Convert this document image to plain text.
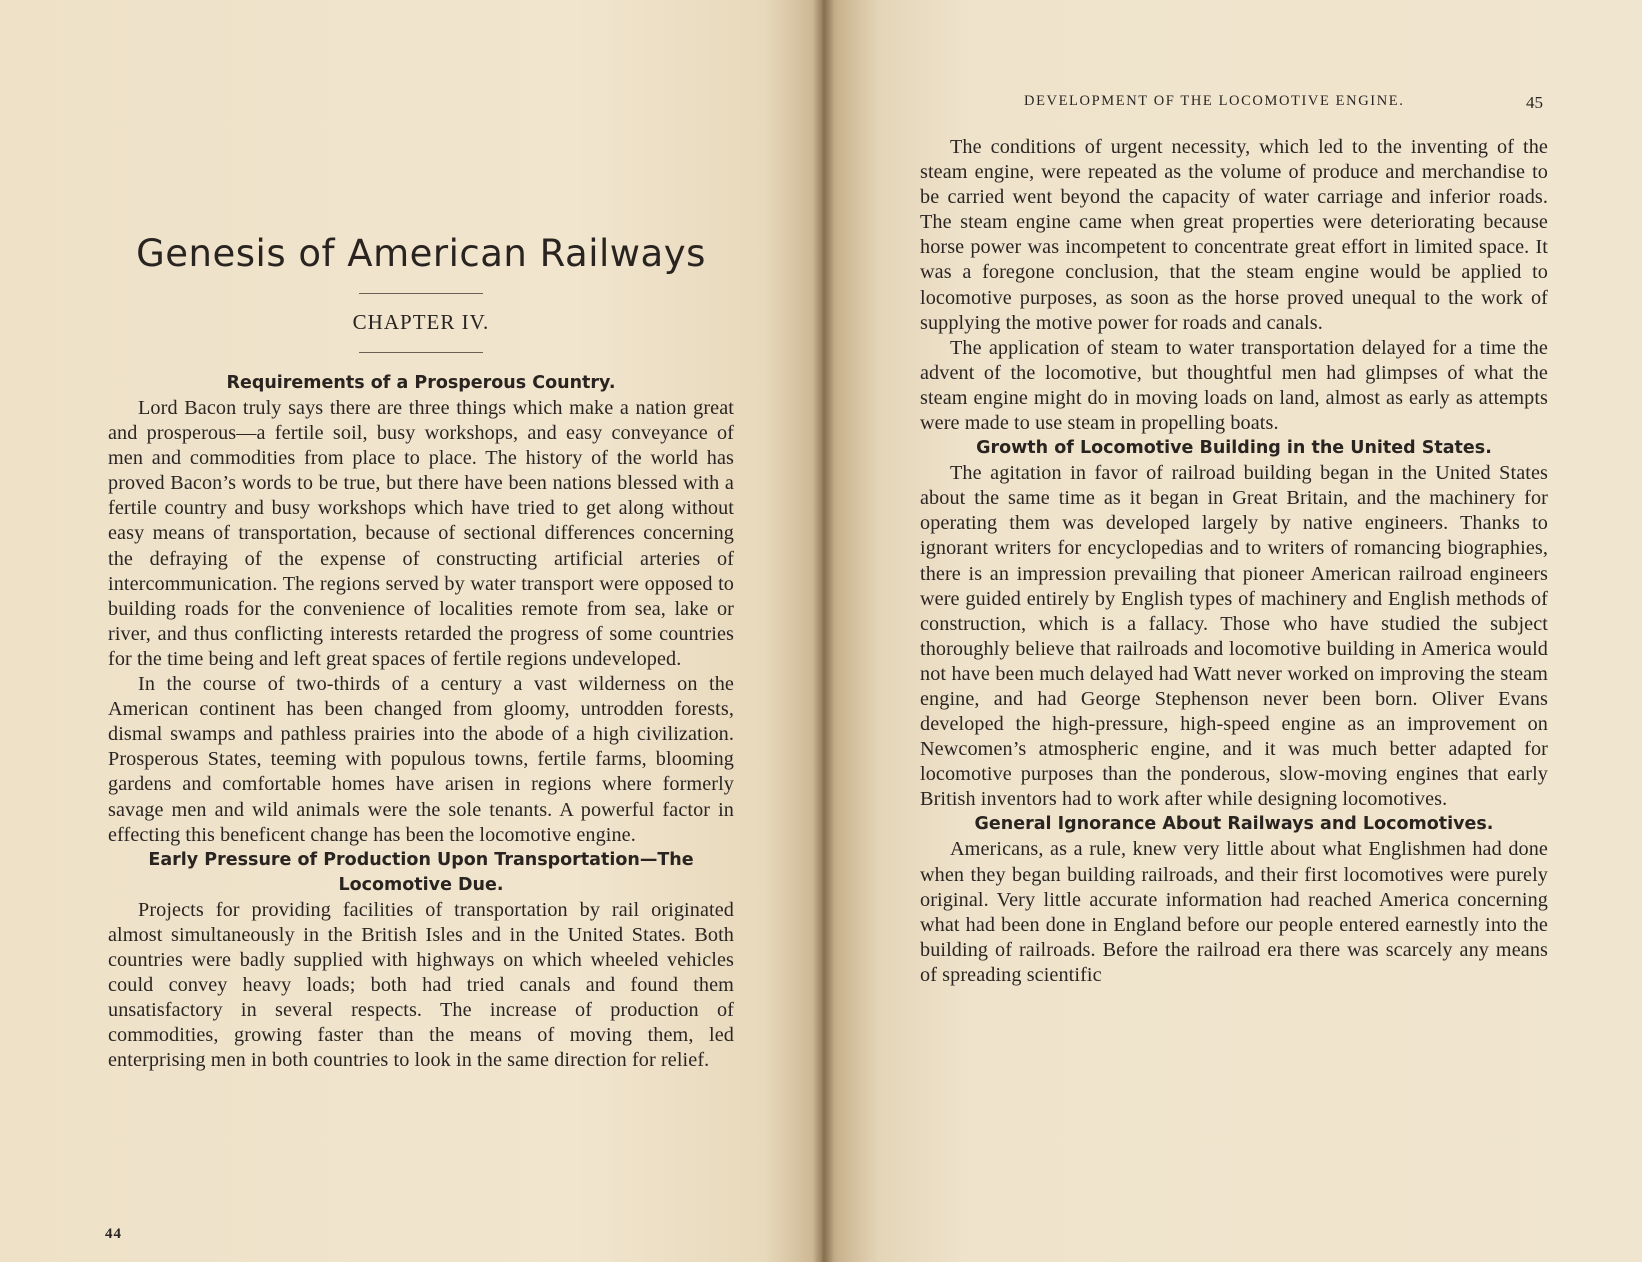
Genesis of American Railways
CHAPTER IV.
Requirements of a Prosperous Country.

Lord Bacon truly says there are three things which make a nation great and prosperous—a fertile soil, busy workshops, and easy conveyance of men and commodities from place to place. The history of the world has proved Bacon’s words to be true, but there have been nations blessed with a fertile country and busy workshops which have tried to get along without easy means of transportation, because of sectional differences concerning the defraying of the expense of constructing artificial arteries of intercommunication. The regions served by water transport were opposed to building roads for the convenience of localities remote from sea, lake or river, and thus conflicting interests retarded the progress of some countries for the time being and left great spaces of fertile regions undeveloped.

In the course of two-thirds of a century a vast wilderness on the American continent has been changed from gloomy, untrodden forests, dismal swamps and pathless prairies into the abode of a high civilization. Prosperous States, teeming with populous towns, fertile farms, blooming gardens and comfortable homes have arisen in regions where formerly savage men and wild animals were the sole tenants. A powerful factor in effecting this beneficent change has been the locomotive engine.

Early Pressure of Production Upon Transportation—The Locomotive Due.

Projects for providing facilities of transportation by rail originated almost simultaneously in the British Isles and in the United States. Both countries were badly supplied with highways on which wheeled vehicles could convey heavy loads; both had tried canals and found them unsatisfactory in several respects. The increase of production of commodities, growing faster than the means of moving them, led enterprising men in both countries to look in the same direction for relief.

44

The conditions of urgent necessity, which led to the inventing of the steam engine, were repeated as the volume of produce and merchandise to be carried went beyond the capacity of water carriage and inferior roads. The steam engine came when great properties were deteriorating because horse power was incompetent to concentrate great effort in limited space. It was a foregone conclusion, that the steam engine would be applied to locomotive purposes, as soon as the horse proved unequal to the work of supplying the motive power for roads and canals.

The application of steam to water transportation delayed for a time the advent of the locomotive, but thoughtful men had glimpses of what the steam engine might do in moving loads on land, almost as early as attempts were made to use steam in propelling boats.

Growth of Locomotive Building in the United States.

The agitation in favor of railroad building began in the United States about the same time as it began in Great Britain, and the machinery for operating them was developed largely by native engineers. Thanks to ignorant writers for encyclopedias and to writers of romancing biographies, there is an impression prevailing that pioneer American railroad engineers were guided entirely by English types of machinery and English methods of construction, which is a fallacy. Those who have studied the subject thoroughly believe that railroads and locomotive building in America would not have been much delayed had Watt never worked on improving the steam engine, and had George Stephenson never been born. Oliver Evans developed the high-pressure, high-speed engine as an improvement on Newcomen’s atmospheric engine, and it was much better adapted for locomotive purposes than the ponderous, slow-moving engines that early British inventors had to work after while designing locomotives.

General Ignorance About Railways and Locomotives.

Americans, as a rule, knew very little about what Englishmen had done when they began building railroads, and their first locomotives were purely original. Very little accurate information had reached America concerning what had been done in England before our people entered earnestly into the building of railroads. Before the railroad era there was scarcely any means of spreading scientific

DEVELOPMENT OF THE LOCOMOTIVE ENGINE.	45
